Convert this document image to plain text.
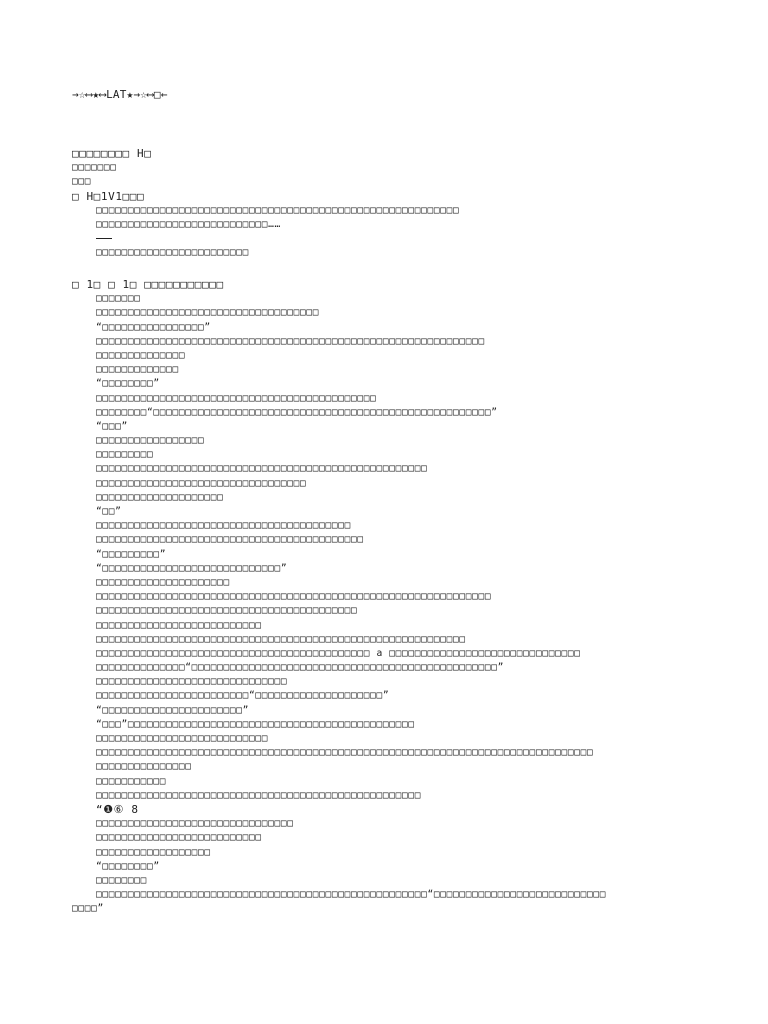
→☆⟷★⟷LAT★→☆⟷□←
□□□□□□□□ H□
□□□□□□□
□□□
□ H□1V1□□□
□□□□□□□□□□□□□□□□□□□□□□□□□□□□□□□□□□□□□□□□□□□□□□□□□□□□□□□□□
□□□□□□□□□□□□□□□□□□□□□□□□□□□……
□□□□□□□□□□□□□□□□□□□□□□□□
□ 1□ □ 1□ □□□□□□□□□□□
□□□□□□□
□□□□□□□□□□□□□□□□□□□□□□□□□□□□□□□□□□□
“□□□□□□□□□□□□□□□□”
□□□□□□□□□□□□□□□□□□□□□□□□□□□□□□□□□□□□□□□□□□□□□□□□□□□□□□□□□□□□□
□□□□□□□□□□□□□□
□□□□□□□□□□□□□
“□□□□□□□□”
□□□□□□□□□□□□□□□□□□□□□□□□□□□□□□□□□□□□□□□□□□□□
□□□□□□□□“□□□□□□□□□□□□□□□□□□□□□□□□□□□□□□□□□□□□□□□□□□□□□□□□□□□□□”
“□□□”
□□□□□□□□□□□□□□□□□
□□□□□□□□□
□□□□□□□□□□□□□□□□□□□□□□□□□□□□□□□□□□□□□□□□□□□□□□□□□□□□
□□□□□□□□□□□□□□□□□□□□□□□□□□□□□□□□□
□□□□□□□□□□□□□□□□□□□□
“□□”
□□□□□□□□□□□□□□□□□□□□□□□□□□□□□□□□□□□□□□□□
□□□□□□□□□□□□□□□□□□□□□□□□□□□□□□□□□□□□□□□□□□
“□□□□□□□□□”
“□□□□□□□□□□□□□□□□□□□□□□□□□□□□”
□□□□□□□□□□□□□□□□□□□□□
□□□□□□□□□□□□□□□□□□□□□□□□□□□□□□□□□□□□□□□□□□□□□□□□□□□□□□□□□□□□□□
□□□□□□□□□□□□□□□□□□□□□□□□□□□□□□□□□□□□□□□□□
□□□□□□□□□□□□□□□□□□□□□□□□□□
□□□□□□□□□□□□□□□□□□□□□□□□□□□□□□□□□□□□□□□□□□□□□□□□□□□□□□□□□□
□□□□□□□□□□□□□□□□□□□□□□□□□□□□□□□□□□□□□□□□□□□ a □□□□□□□□□□□□□□□□□□□□□□□□□□□□□□
□□□□□□□□□□□□□□“□□□□□□□□□□□□□□□□□□□□□□□□□□□□□□□□□□□□□□□□□□□□□□□□”
□□□□□□□□□□□□□□□□□□□□□□□□□□□□□□
□□□□□□□□□□□□□□□□□□□□□□□□“□□□□□□□□□□□□□□□□□□□□”
“□□□□□□□□□□□□□□□□□□□□□□”
“□□□”□□□□□□□□□□□□□□□□□□□□□□□□□□□□□□□□□□□□□□□□□□□□□
□□□□□□□□□□□□□□□□□□□□□□□□□□□
□□□□□□□□□□□□□□□□□□□□□□□□□□□□□□□□□□□□□□□□□□□□□□□□□□□□□□□□□□□□□□□□□□□□□□□□□□□□□□
□□□□□□□□□□□□□□□
□□□□□□□□□□□
□□□□□□□□□□□□□□□□□□□□□□□□□□□□□□□□□□□□□□□□□□□□□□□□□□□
“❶⑥ 8
□□□□□□□□□□□□□□□□□□□□□□□□□□□□□□□
□□□□□□□□□□□□□□□□□□□□□□□□□□
□□□□□□□□□□□□□□□□□□
“□□□□□□□□”
□□□□□□□□
□□□□□□□□□□□□□□□□□□□□□□□□□□□□□□□□□□□□□□□□□□□□□□□□□□□□“□□□□□□□□□□□□□□□□□□□□□□□□□□□
□□□□”
